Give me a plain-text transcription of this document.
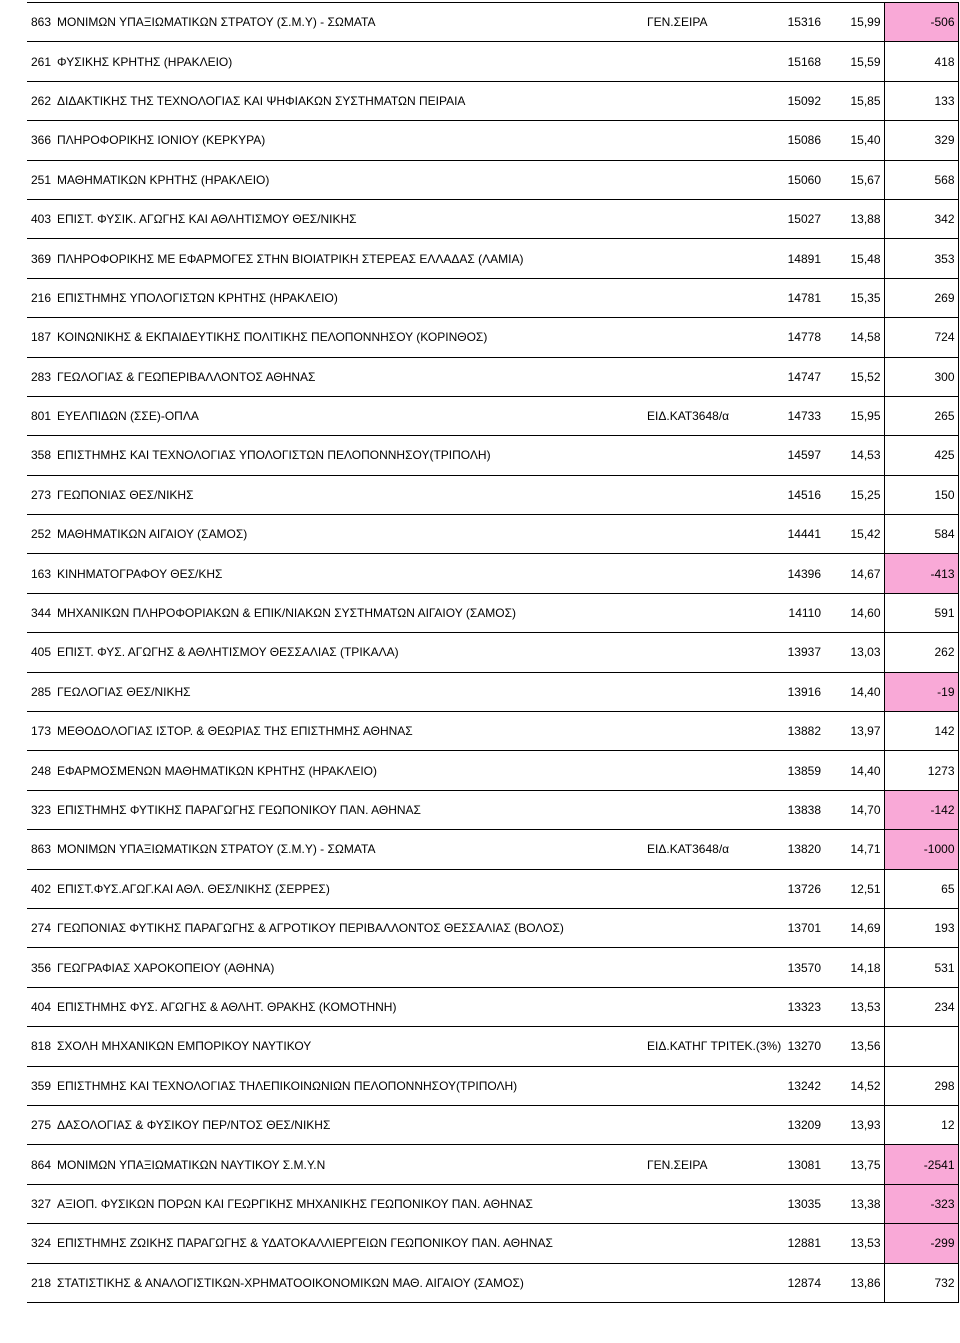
863	ΜΟΝΙΜΩΝ ΥΠΑΞΙΩΜΑΤΙΚΩΝ ΣΤΡΑΤΟΥ (Σ.Μ.Υ) - ΣΩΜΑΤΑ	ΓΕΝ.ΣΕΙΡΑ	15316	15,99	-506
261	ΦΥΣΙΚΗΣ ΚΡΗΤΗΣ (ΗΡΑΚΛΕΙΟ)		15168	15,59	418
262	ΔΙΔΑΚΤΙΚΗΣ ΤΗΣ ΤΕΧΝΟΛΟΓΙΑΣ ΚΑΙ ΨΗΦΙΑΚΩΝ ΣΥΣΤΗΜΑΤΩΝ ΠΕΙΡΑΙΑ		15092	15,85	133
366	ΠΛΗΡΟΦΟΡΙΚΗΣ ΙΟΝΙΟΥ (ΚΕΡΚΥΡΑ)		15086	15,40	329
251	ΜΑΘΗΜΑΤΙΚΩΝ ΚΡΗΤΗΣ (ΗΡΑΚΛΕΙΟ)		15060	15,67	568
403	ΕΠΙΣΤ. ΦΥΣΙΚ. ΑΓΩΓΗΣ ΚΑΙ ΑΘΛΗΤΙΣΜΟΥ ΘΕΣ/ΝΙΚΗΣ		15027	13,88	342
369	ΠΛΗΡΟΦΟΡΙΚΗΣ ΜΕ ΕΦΑΡΜΟΓΕΣ ΣΤΗΝ ΒΙΟΙΑΤΡΙΚΗ ΣΤΕΡΕΑΣ ΕΛΛΑΔΑΣ (ΛΑΜΙΑ)		14891	15,48	353
216	ΕΠΙΣΤΗΜΗΣ ΥΠΟΛΟΓΙΣΤΩΝ ΚΡΗΤΗΣ (ΗΡΑΚΛΕΙΟ)		14781	15,35	269
187	ΚΟΙΝΩΝΙΚΗΣ & ΕΚΠΑΙΔΕΥΤΙΚΗΣ ΠΟΛΙΤΙΚΗΣ ΠΕΛΟΠΟΝΝΗΣΟΥ (ΚΟΡΙΝΘΟΣ)		14778	14,58	724
283	ΓΕΩΛΟΓΙΑΣ & ΓΕΩΠΕΡΙΒΑΛΛΟΝΤΟΣ ΑΘΗΝΑΣ		14747	15,52	300
801	ΕΥΕΛΠΙΔΩΝ (ΣΣΕ)-ΟΠΛΑ	ΕΙΔ.ΚΑΤ3648/α	14733	15,95	265
358	ΕΠΙΣΤΗΜΗΣ ΚΑΙ ΤΕΧΝΟΛΟΓΙΑΣ ΥΠΟΛΟΓΙΣΤΩΝ ΠΕΛΟΠΟΝΝΗΣΟΥ(ΤΡΙΠΟΛΗ)		14597	14,53	425
273	ΓΕΩΠΟΝΙΑΣ ΘΕΣ/ΝΙΚΗΣ		14516	15,25	150
252	ΜΑΘΗΜΑΤΙΚΩΝ ΑΙΓΑΙΟΥ (ΣΑΜΟΣ)		14441	15,42	584
163	ΚΙΝΗΜΑΤΟΓΡΑΦΟΥ ΘΕΣ/ΚΗΣ		14396	14,67	-413
344	ΜΗΧΑΝΙΚΩΝ ΠΛΗΡΟΦΟΡΙΑΚΩΝ & ΕΠΙΚ/ΝΙΑΚΩΝ ΣΥΣΤΗΜΑΤΩΝ ΑΙΓΑΙΟΥ (ΣΑΜΟΣ)		14110	14,60	591
405	ΕΠΙΣΤ. ΦΥΣ. ΑΓΩΓΗΣ & ΑΘΛΗΤΙΣΜΟΥ ΘΕΣΣΑΛΙΑΣ (ΤΡΙΚΑΛΑ)		13937	13,03	262
285	ΓΕΩΛΟΓΙΑΣ ΘΕΣ/ΝΙΚΗΣ		13916	14,40	-19
173	ΜΕΘΟΔΟΛΟΓΙΑΣ ΙΣΤΟΡ. & ΘΕΩΡΙΑΣ ΤΗΣ ΕΠΙΣΤΗΜΗΣ ΑΘΗΝΑΣ		13882	13,97	142
248	ΕΦΑΡΜΟΣΜΕΝΩΝ ΜΑΘΗΜΑΤΙΚΩΝ ΚΡΗΤΗΣ (ΗΡΑΚΛΕΙΟ)		13859	14,40	1273
323	ΕΠΙΣΤΗΜΗΣ ΦΥΤΙΚΗΣ ΠΑΡΑΓΩΓΗΣ ΓΕΩΠΟΝΙΚΟΥ ΠΑΝ. ΑΘΗΝΑΣ		13838	14,70	-142
863	ΜΟΝΙΜΩΝ ΥΠΑΞΙΩΜΑΤΙΚΩΝ ΣΤΡΑΤΟΥ (Σ.Μ.Υ) - ΣΩΜΑΤΑ	ΕΙΔ.ΚΑΤ3648/α	13820	14,71	-1000
402	ΕΠΙΣΤ.ΦΥΣ.ΑΓΩΓ.ΚΑΙ ΑΘΛ. ΘΕΣ/ΝΙΚΗΣ (ΣΕΡΡΕΣ)		13726	12,51	65
274	ΓΕΩΠΟΝΙΑΣ ΦΥΤΙΚΗΣ ΠΑΡΑΓΩΓΗΣ & ΑΓΡΟΤΙΚΟΥ ΠΕΡΙΒΑΛΛΟΝΤΟΣ ΘΕΣΣΑΛΙΑΣ (ΒΟΛΟΣ)		13701	14,69	193
356	ΓΕΩΓΡΑΦΙΑΣ ΧΑΡΟΚΟΠΕΙΟΥ (ΑΘΗΝΑ)		13570	14,18	531
404	ΕΠΙΣΤΗΜΗΣ ΦΥΣ. ΑΓΩΓΗΣ & ΑΘΛΗΤ. ΘΡΑΚΗΣ (ΚΟΜΟΤΗΝΗ)		13323	13,53	234
818	ΣΧΟΛΗ ΜΗΧΑΝΙΚΩΝ ΕΜΠΟΡΙΚΟΥ ΝΑΥΤΙΚΟΥ	ΕΙΔ.ΚΑΤΗΓ ΤΡΙΤΕΚ.(3%)	13270	13,56	
359	ΕΠΙΣΤΗΜΗΣ ΚΑΙ ΤΕΧΝΟΛΟΓΙΑΣ ΤΗΛΕΠΙΚΟΙΝΩΝΙΩΝ ΠΕΛΟΠΟΝΝΗΣΟΥ(ΤΡΙΠΟΛΗ)		13242	14,52	298
275	ΔΑΣΟΛΟΓΙΑΣ & ΦΥΣΙΚΟΥ ΠΕΡ/ΝΤΟΣ ΘΕΣ/ΝΙΚΗΣ		13209	13,93	12
864	ΜΟΝΙΜΩΝ ΥΠΑΞΙΩΜΑΤΙΚΩΝ ΝΑΥΤΙΚΟΥ Σ.Μ.Υ.Ν	ΓΕΝ.ΣΕΙΡΑ	13081	13,75	-2541
327	ΑΞΙΟΠ. ΦΥΣΙΚΩΝ ΠΟΡΩΝ ΚΑΙ ΓΕΩΡΓΙΚΗΣ ΜΗΧΑΝΙΚΗΣ ΓΕΩΠΟΝΙΚΟΥ ΠΑΝ. ΑΘΗΝΑΣ		13035	13,38	-323
324	ΕΠΙΣΤΗΜΗΣ ΖΩΙΚΗΣ ΠΑΡΑΓΩΓΗΣ & ΥΔΑΤΟΚΑΛΛΙΕΡΓΕΙΩΝ ΓΕΩΠΟΝΙΚΟΥ ΠΑΝ. ΑΘΗΝΑΣ		12881	13,53	-299
218	ΣΤΑΤΙΣΤΙΚΗΣ & ΑΝΑΛΟΓΙΣΤΙΚΩΝ-ΧΡΗΜΑΤΟΟΙΚΟΝΟΜΙΚΩΝ ΜΑΘ. ΑΙΓΑΙΟΥ (ΣΑΜΟΣ)		12874	13,86	732
